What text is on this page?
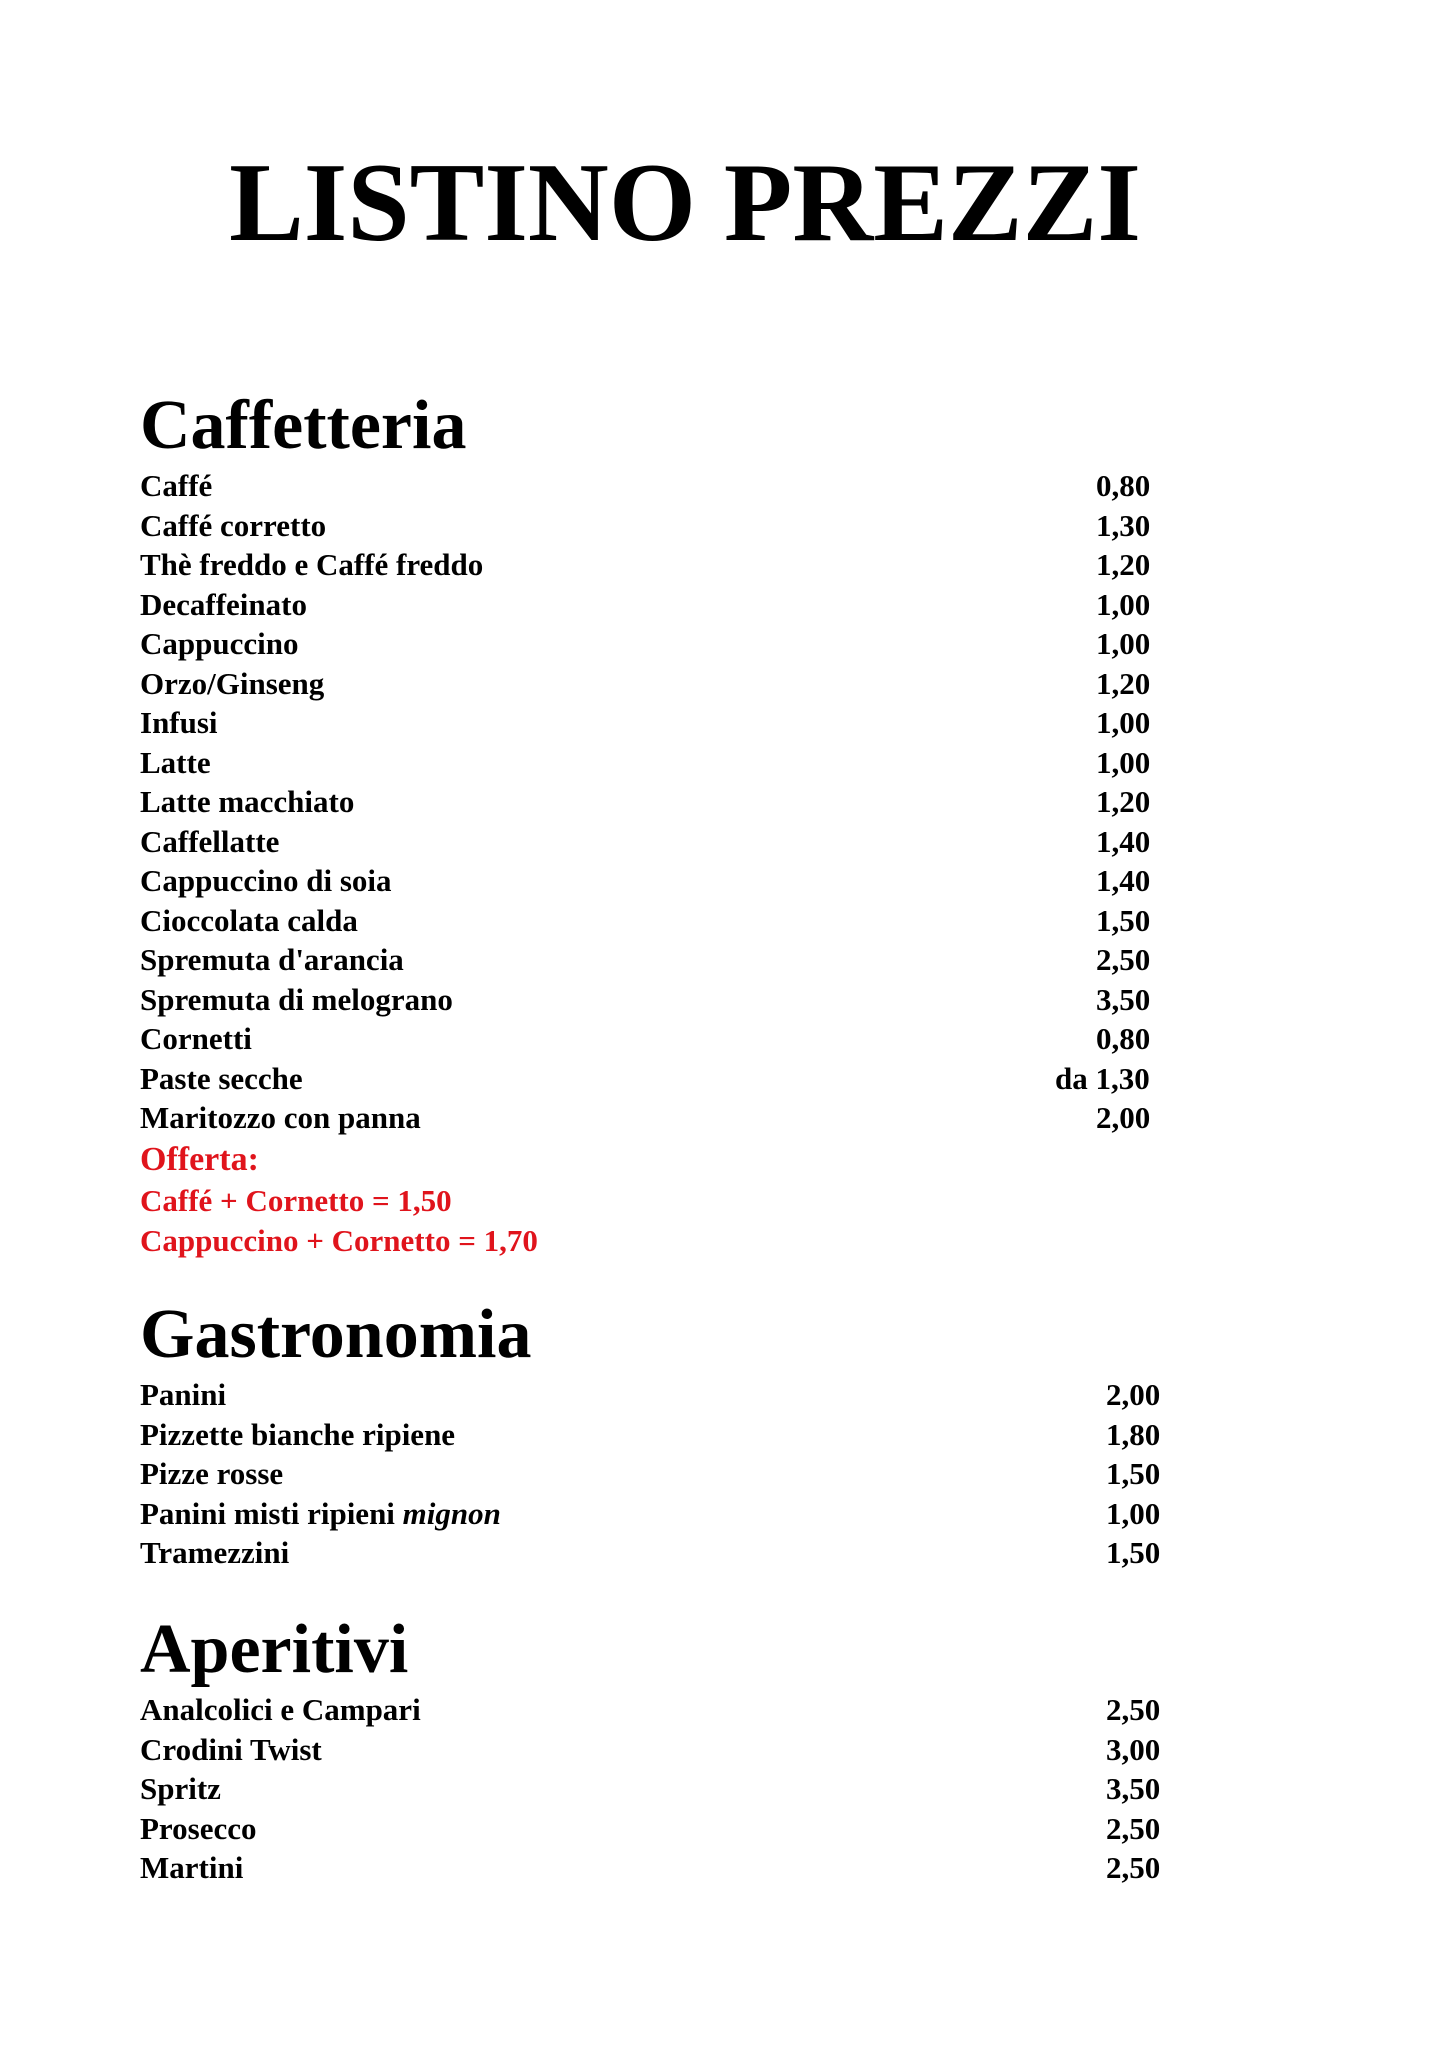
LISTINO PREZZI
Caffetteria
Caffé	0,80
Caffé corretto	1,30
Thè freddo e Caffé freddo	1,20
Decaffeinato	1,00
Cappuccino	1,00
Orzo/Ginseng	1,20
Infusi	1,00
Latte	1,00
Latte macchiato	1,20
Caffellatte	1,40
Cappuccino di soia	1,40
Cioccolata calda	1,50
Spremuta d'arancia	2,50
Spremuta di melograno	3,50
Cornetti	0,80
Paste secche	da 1,30
Maritozzo con panna	2,00
Offerta:
Caffé + Cornetto = 1,50
Cappuccino + Cornetto = 1,70
Gastronomia
Panini	2,00
Pizzette bianche ripiene	1,80
Pizze rosse	1,50
Panini misti ripieni mignon	1,00
Tramezzini	1,50
Aperitivi
Analcolici e Campari	2,50
Crodini Twist	3,00
Spritz	3,50
Prosecco	2,50
Martini	2,50
